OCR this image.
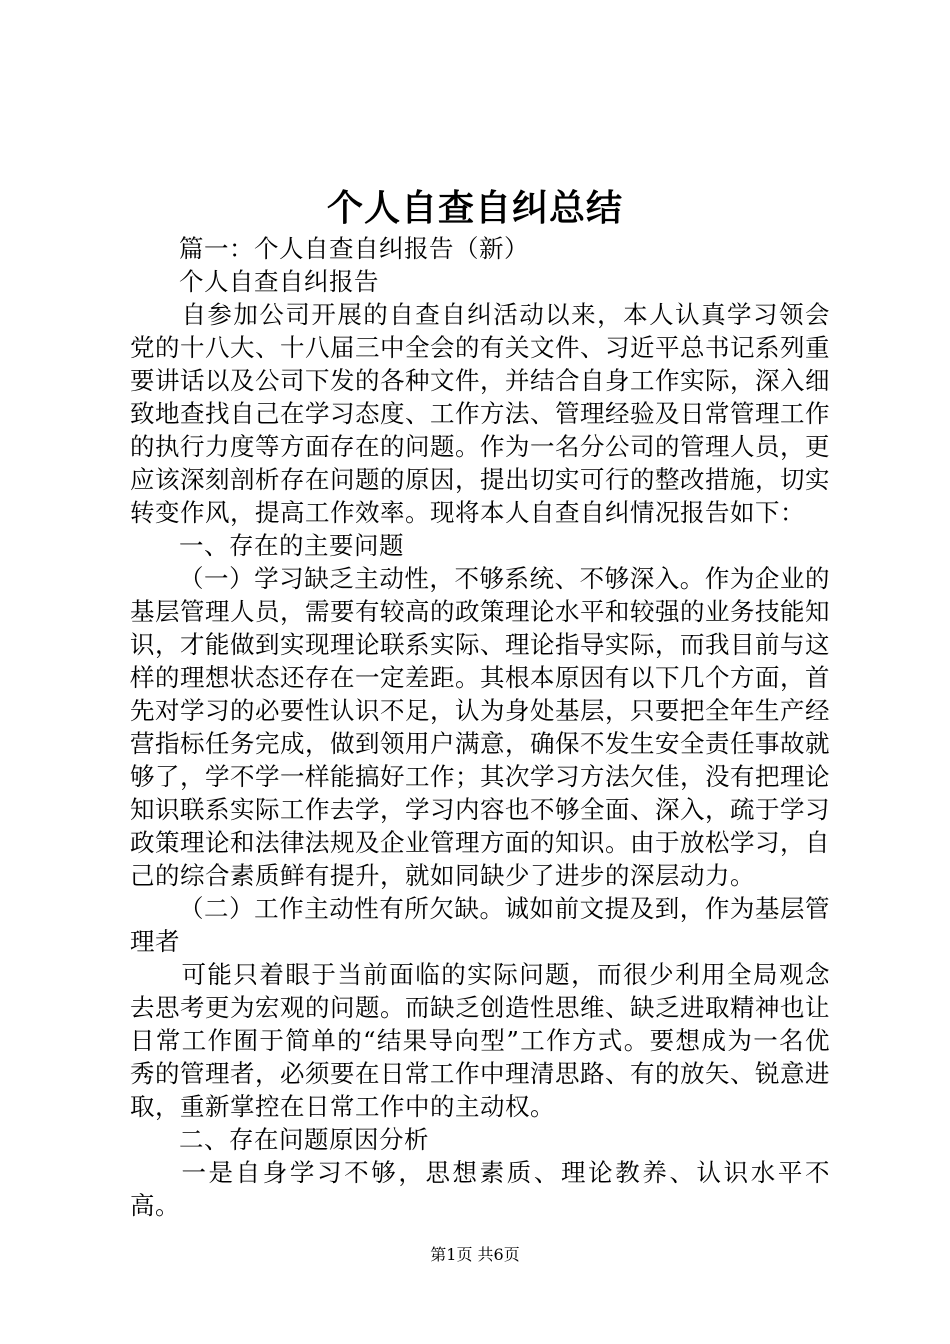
个人自查自纠总结

篇一：个人自查自纠报告（新）

个人自查自纠报告

自参加公司开展的自查自纠活动以来，本人认真学习领会党的十八大、十八届三中全会的有关文件、习近平总书记系列重要讲话以及公司下发的各种文件，并结合自身工作实际，深入细致地查找自己在学习态度、工作方法、管理经验及日常管理工作的执行力度等方面存在的问题。作为一名分公司的管理人员，更应该深刻剖析存在问题的原因，提出切实可行的整改措施，切实转变作风，提高工作效率。现将本人自查自纠情况报告如下：

一、存在的主要问题

（一）学习缺乏主动性，不够系统、不够深入。作为企业的基层管理人员，需要有较高的政策理论水平和较强的业务技能知识，才能做到实现理论联系实际、理论指导实际，而我目前与这样的理想状态还存在一定差距。其根本原因有以下几个方面，首先对学习的必要性认识不足，认为身处基层，只要把全年生产经营指标任务完成，做到领用户满意，确保不发生安全责任事故就够了，学不学一样能搞好工作；其次学习方法欠佳，没有把理论知识联系实际工作去学，学习内容也不够全面、深入，疏于学习政策理论和法律法规及企业管理方面的知识。由于放松学习，自己的综合素质鲜有提升，就如同缺少了进步的深层动力。

（二）工作主动性有所欠缺。诚如前文提及到，作为基层管理者

可能只着眼于当前面临的实际问题，而很少利用全局观念去思考更为宏观的问题。而缺乏创造性思维、缺乏进取精神也让日常工作囿于简单的“结果导向型”工作方式。要想成为一名优秀的管理者，必须要在日常工作中理清思路、有的放矢、锐意进取，重新掌控在日常工作中的主动权。

二、存在问题原因分析

一是自身学习不够，思想素质、理论教养、认识水平不高。

第1页 共6页
